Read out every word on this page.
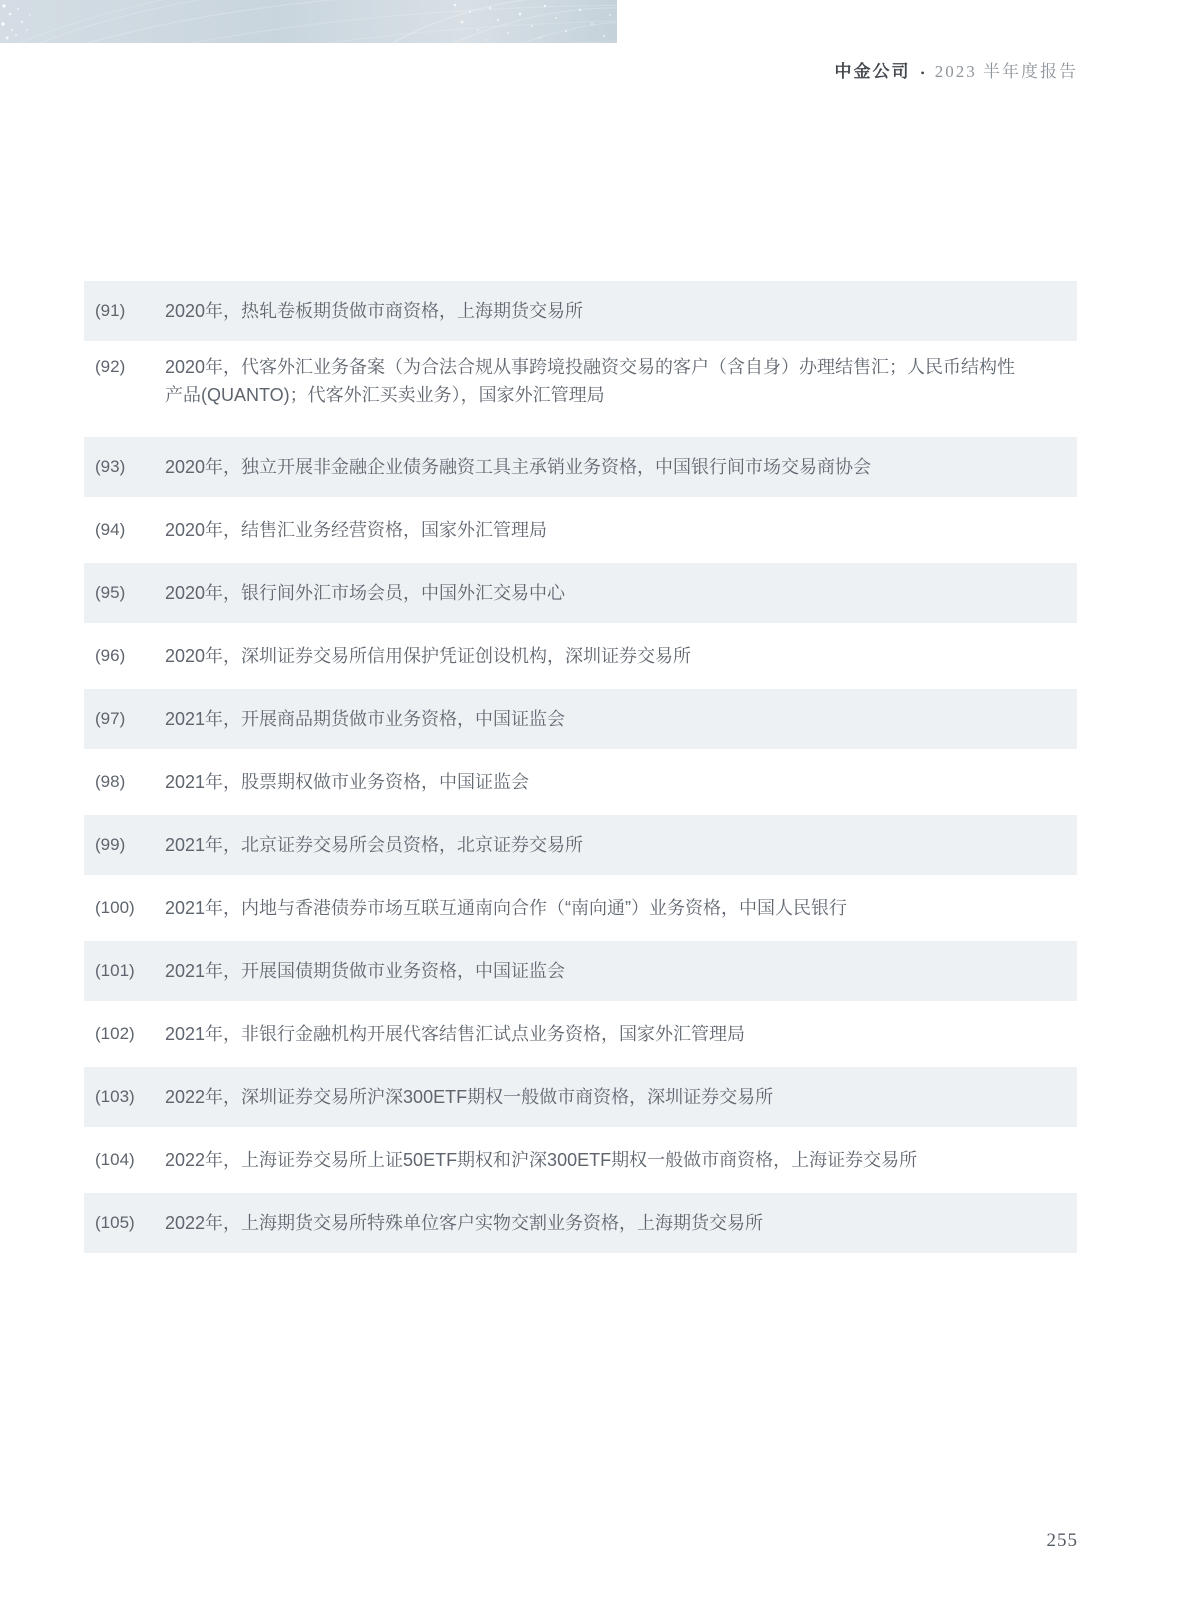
中金公司 • 2023 半年度报告
(91)	2020年，热轧卷板期货做市商资格，上海期货交易所
(92)	2020年，代客外汇业务备案（为合法合规从事跨境投融资交易的客户（含自身）办理结售汇；人民币结构性产品(QUANTO)；代客外汇买卖业务），国家外汇管理局
(93)	2020年，独立开展非金融企业债务融资工具主承销业务资格，中国银行间市场交易商协会
(94)	2020年，结售汇业务经营资格，国家外汇管理局
(95)	2020年，银行间外汇市场会员，中国外汇交易中心
(96)	2020年，深圳证券交易所信用保护凭证创设机构，深圳证券交易所
(97)	2021年，开展商品期货做市业务资格，中国证监会
(98)	2021年，股票期权做市业务资格，中国证监会
(99)	2021年，北京证券交易所会员资格，北京证券交易所
(100)	2021年，内地与香港债券市场互联互通南向合作（“南向通”）业务资格，中国人民银行
(101)	2021年，开展国债期货做市业务资格，中国证监会
(102)	2021年，非银行金融机构开展代客结售汇试点业务资格，国家外汇管理局
(103)	2022年，深圳证券交易所沪深300ETF期权一般做市商资格，深圳证券交易所
(104)	2022年，上海证券交易所上证50ETF期权和沪深300ETF期权一般做市商资格，上海证券交易所
(105)	2022年，上海期货交易所特殊单位客户实物交割业务资格，上海期货交易所
255
